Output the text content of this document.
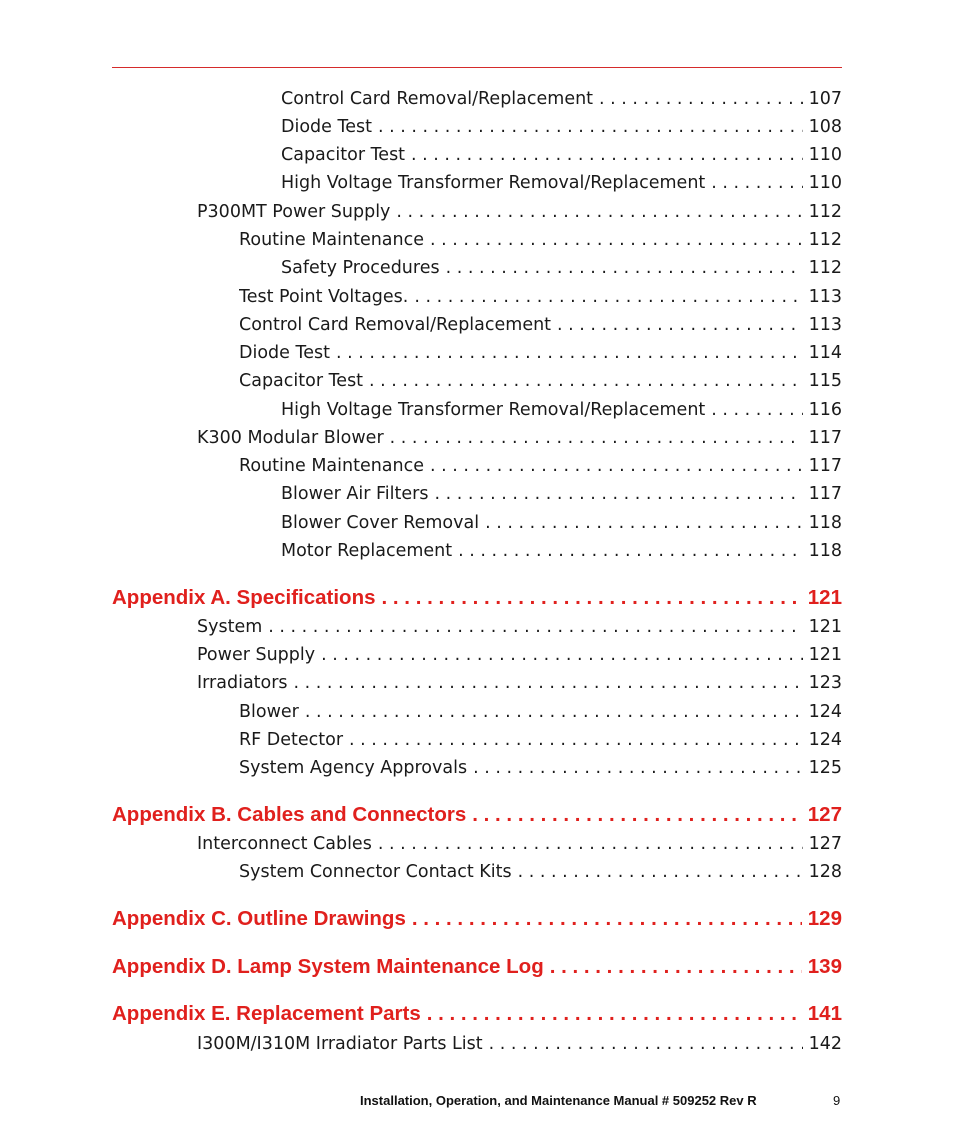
Control Card Removal/Replacement . . .	107
Diode Test . . .	108
Capacitor Test . . .	110
High Voltage Transformer Removal/Replacement . . .	110
P300MT Power Supply . . .	112
Routine Maintenance . . .	112
Safety Procedures . . .	112
Test Point Voltages. . . .	113
Control Card Removal/Replacement . . .	113
Diode Test . . .	114
Capacitor Test . . .	115
High Voltage Transformer Removal/Replacement . . .	116
K300 Modular Blower . . .	117
Routine Maintenance . . .	117
Blower Air Filters . . .	117
Blower Cover Removal . . .	118
Motor Replacement . . .	118
Appendix A. Specifications . . .	121
System . . .	121
Power Supply . . .	121
Irradiators . . .	123
Blower . . .	124
RF Detector . . .	124
System Agency Approvals . . .	125
Appendix B. Cables and Connectors . . .	127
Interconnect Cables . . .	127
System Connector Contact Kits . . .	128
Appendix C. Outline Drawings . . .	129
Appendix D. Lamp System Maintenance Log . . .	139
Appendix E. Replacement Parts . . .	141
I300M/I310M Irradiator Parts List . . .	142
Installation, Operation, and Maintenance Manual # 509252 Rev R	9
